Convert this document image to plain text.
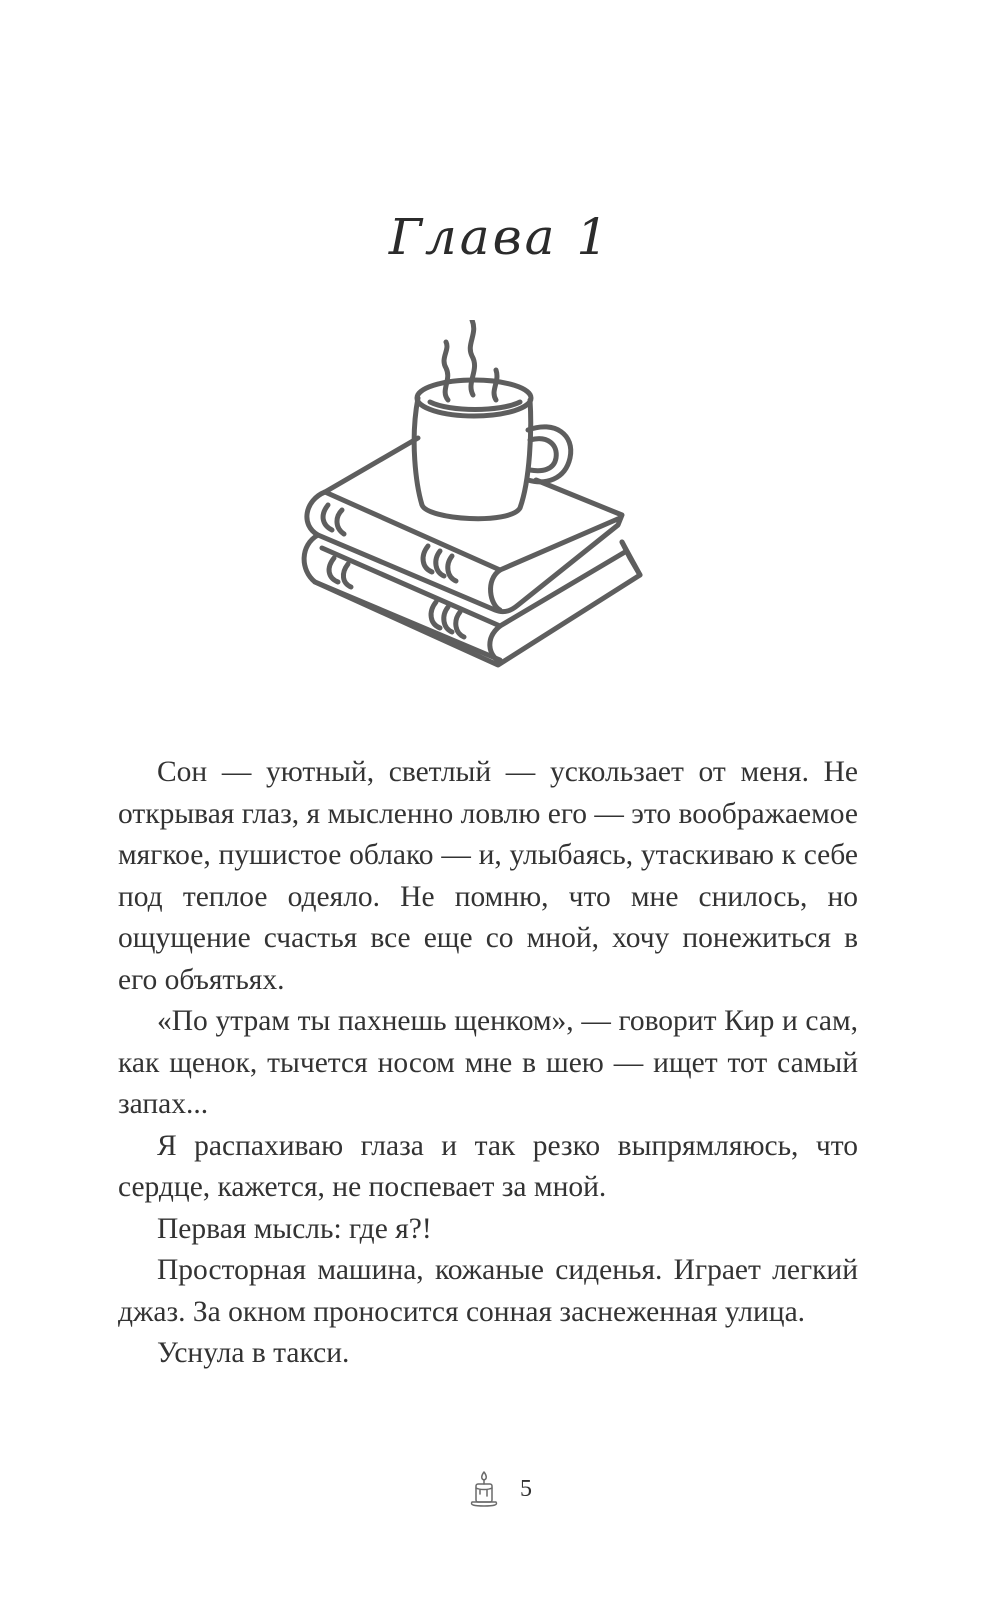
Глава 1

Сон — уютный, светлый — ускользает от меня. Не открывая глаз, я мысленно ловлю его — это воображаемое мягкое, пушистое облако — и, улыбаясь, утаскиваю к себе под теплое одеяло. Не помню, что мне снилось, но ощущение счастья все еще со мной, хочу понежиться в его объятьях.

«По утрам ты пахнешь щенком», — говорит Кир и сам, как щенок, тычется носом мне в шею — ищет тот самый запах...

Я распахиваю глаза и так резко выпрямляюсь, что сердце, кажется, не поспевает за мной.

Первая мысль: где я?!

Просторная машина, кожаные сиденья. Играет легкий джаз. За окном проносится сонная заснеженная улица.

Уснула в такси.

5
